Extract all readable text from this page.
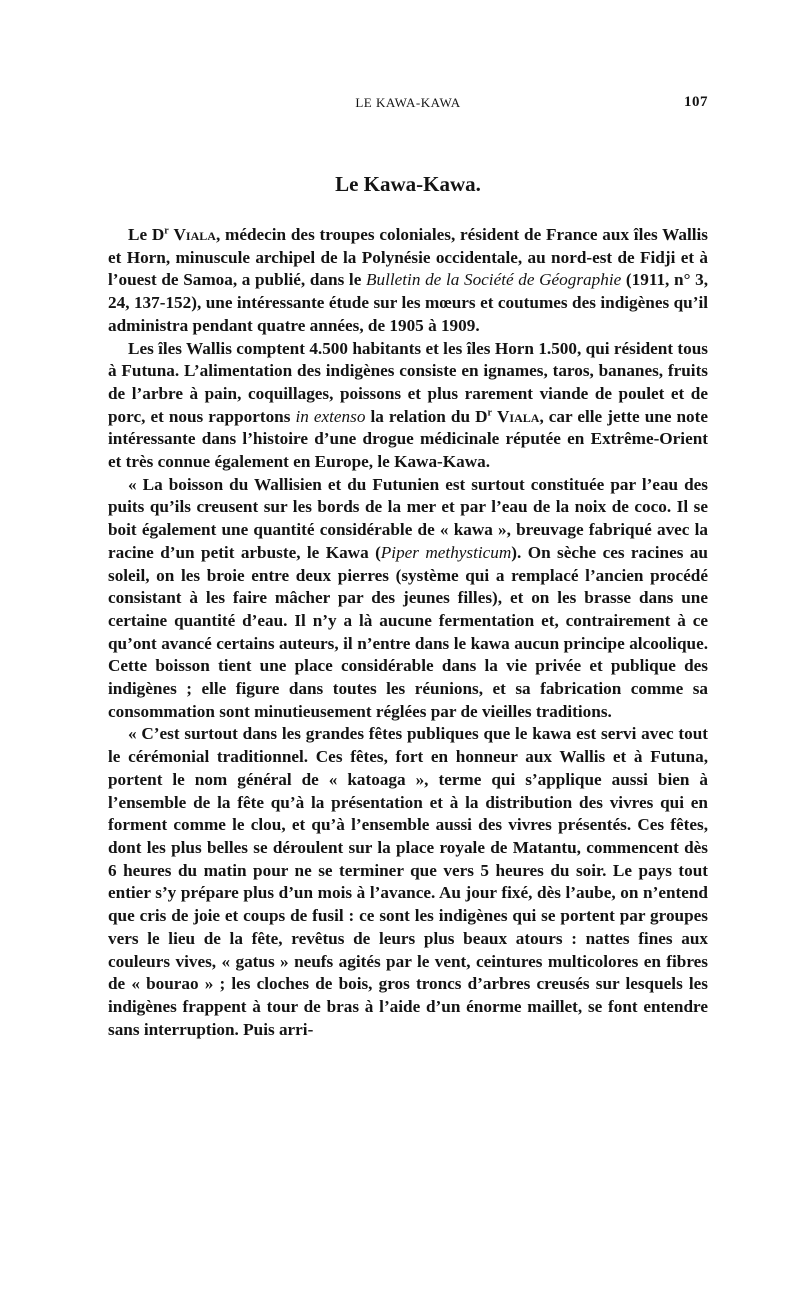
LE KAWA-KAWA	107
Le Kawa-Kawa.

Le $D^r$ Viala, médecin des troupes coloniales, résident de France aux îles Wallis et Horn, minuscule archipel de la Polynésie occidentale, au nord-est de Fidji et à l’ouest de Samoa, a publié, dans le Bulletin de la Société de Géographie (1911, n° 3, 24, 137-152), une intéressante étude sur les mœurs et coutumes des indigènes qu’il administra pendant quatre années, de 1905 à 1909.

Les îles Wallis comptent 4.500 habitants et les îles Horn 1.500, qui résident tous à Futuna. L’alimentation des indigènes consiste en ignames, taros, bananes, fruits de l’arbre à pain, coquillages, poissons et plus rarement viande de poulet et de porc, et nous rapportons in extenso la relation du $D^r$ Viala, car elle jette une note intéressante dans l’histoire d’une drogue médicinale réputée en Extrême-Orient et très connue également en Europe, le Kawa-Kawa.

« La boisson du Wallisien et du Futunien est surtout constituée par l’eau des puits qu’ils creusent sur les bords de la mer et par l’eau de la noix de coco. Il se boit également une quantité considérable de « kawa », breuvage fabriqué avec la racine d’un petit arbuste, le Kawa (Piper methysticum). On sèche ces racines au soleil, on les broie entre deux pierres (système qui a remplacé l’ancien procédé consistant à les faire mâcher par des jeunes filles), et on les brasse dans une certaine quantité d’eau. Il n’y a là aucune fermentation et, contrairement à ce qu’ont avancé certains auteurs, il n’entre dans le kawa aucun principe alcoolique. Cette boisson tient une place considérable dans la vie privée et publique des indigènes ; elle figure dans toutes les réunions, et sa fabrication comme sa consommation sont minutieusement réglées par de vieilles traditions.

« C’est surtout dans les grandes fêtes publiques que le kawa est servi avec tout le cérémonial traditionnel. Ces fêtes, fort en honneur aux Wallis et à Futuna, portent le nom général de « katoaga », terme qui s’applique aussi bien à l’ensemble de la fête qu’à la présentation et à la distribution des vivres qui en forment comme le clou, et qu’à l’ensemble aussi des vivres présentés. Ces fêtes, dont les plus belles se déroulent sur la place royale de Matantu, commencent dès 6 heures du matin pour ne se terminer que vers 5 heures du soir. Le pays tout entier s’y prépare plus d’un mois à l’avance. Au jour fixé, dès l’aube, on n’entend que cris de joie et coups de fusil : ce sont les indigènes qui se portent par groupes vers le lieu de la fête, revêtus de leurs plus beaux atours : nattes fines aux couleurs vives, « gatus » neufs agités par le vent, ceintures multicolores en fibres de « bourao » ; les cloches de bois, gros troncs d’arbres creusés sur lesquels les indigènes frappent à tour de bras à l’aide d’un énorme maillet, se font entendre sans interruption. Puis arri-
